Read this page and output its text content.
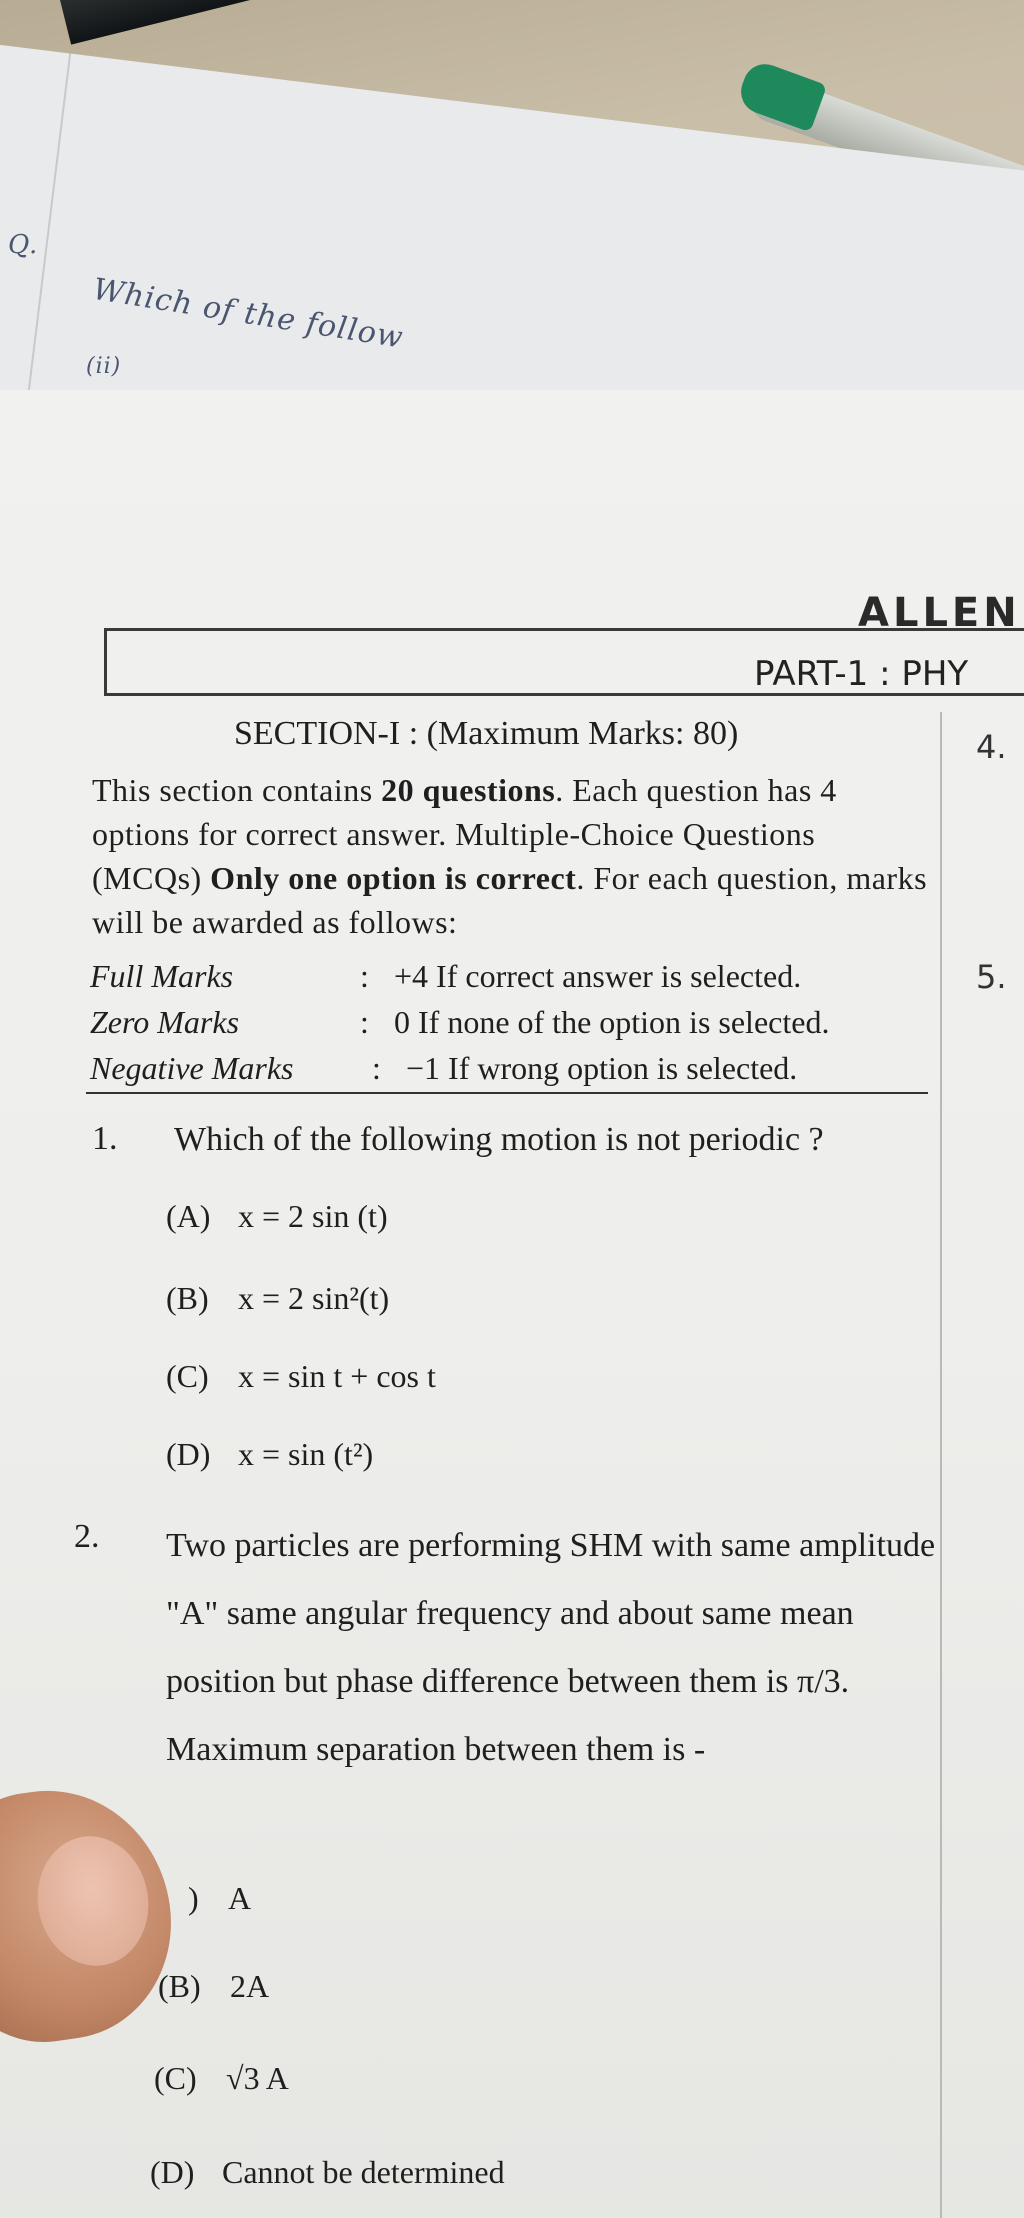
Q.
Which of the follow
(ii)
ALLEN
PART-1 : PHY
4.
5.
SECTION-I : (Maximum Marks: 80)
This section contains 20 questions. Each question has 4 options for correct answer. Multiple-Choice Questions (MCQs) Only one option is correct. For each question, marks will be awarded as follows:
Full Marks	: +4 If correct answer is selected.
Zero Marks	: 0 If none of the option is selected.
Negative Marks : −1 If wrong option is selected.
1. Which of the following motion is not periodic ?
(A) x = 2 sin (t)
(B) x = 2 sin²(t)
(C) x = sin t + cos t
(D) x = sin (t²)
2. Two particles are performing SHM with same amplitude "A" same angular frequency and about same mean position but phase difference between them is π/3. Maximum separation between them is -
) A
(B) 2A
(C) √3 A
(D) Cannot be determined
